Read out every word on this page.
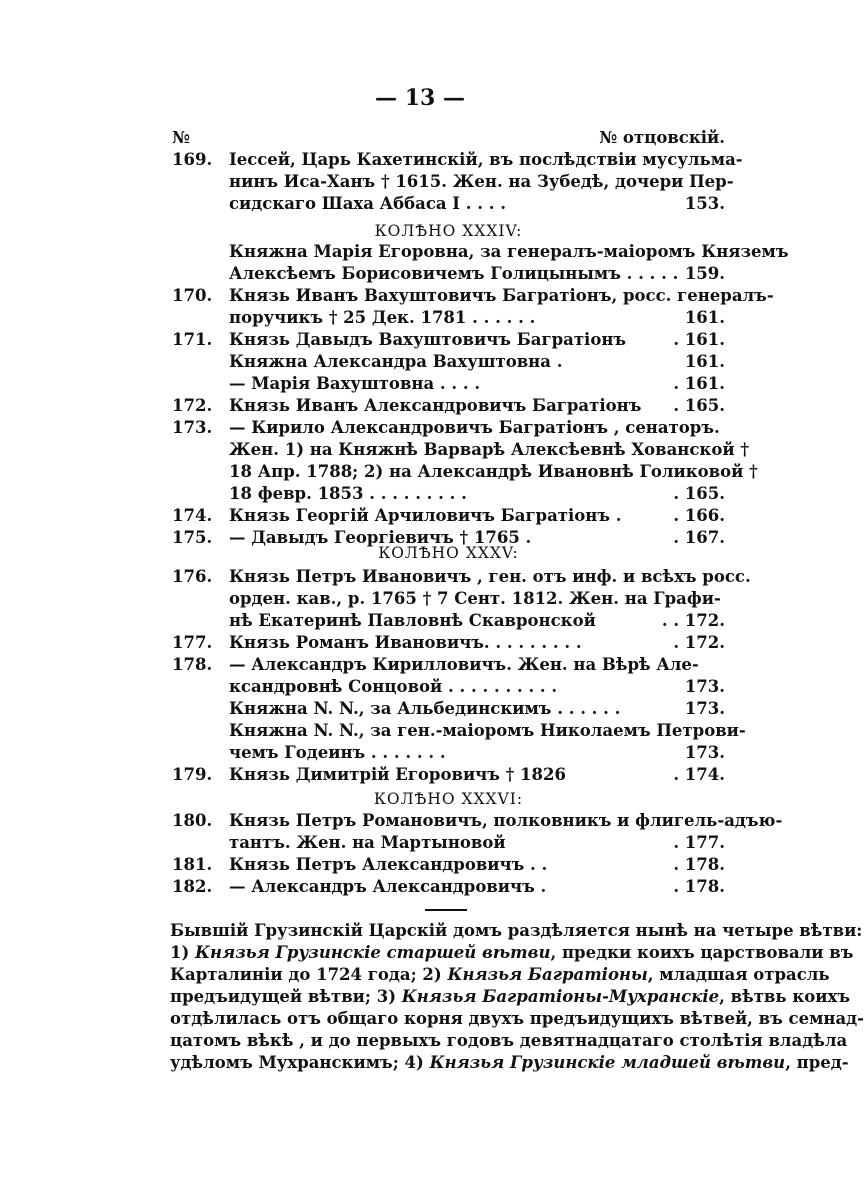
— 13 —
№	№ отцовскій.
169. Іессей, Царь Кахетинскій, въ послѣдствіи мусульма-
нинъ Иса-Ханъ † 1615. Жен. на Зубедѣ, дочери Пер-
сидскаго Шаха Аббаса I . . . .	153.
Княжна Марія Егоровна, за генералъ-маіоромъ Княземъ
Алексѣемъ Борисовичемъ Голицынымъ . . . . . 159.
170. Князь Иванъ Вахуштовичъ Багратіонъ, росс. генералъ-
поручикъ † 25 Дек. 1781 . . . . . .	161.
171. Князь Давыдъ Вахуштовичъ Багратіонъ	. 161.
Княжна Александра Вахуштовна .	161.
— Марія Вахуштовна . . . .	. 161.
172. Князь Иванъ Александровичъ Багратіонъ . 165.
173. — Кирило Александровичъ Багратіонъ , сенаторъ.
Жен. 1) на Княжнѣ Варварѣ Алексѣевнѣ Хованской †
18 Апр. 1788; 2) на Александрѣ Ивановнѣ Голиковой †
18 февр. 1853 . . . . . . . . .	. 165.
174. Князь Георгій Арчиловичъ Багратіонъ .	. 166.
175. — Давыдъ Георгіевичъ † 1765 .	. 167.
176. Князь Петръ Ивановичъ , ген. отъ инф. и всѣхъ росс.
орден. кав., р. 1765 † 7 Сент. 1812. Жен. на Графи-
нѣ Екатеринѣ Павловнѣ Скавронской	. . 172.
177. Князь Романъ Ивановичъ. . . . . . . . .	. 172.
178. — Александръ Кирилловичъ. Жен. на Вѣрѣ Але-
ксандровнѣ Сонцовой . . . . . . . . . .	173.
Княжна N. N., за Альбединскимъ . . . . . .	173.
Княжна N. N., за ген.-маіоромъ Николаемъ Петрови-
чемъ Годеинъ . . . . . . .	173.
179. Князь Димитрій Егоровичъ † 1826	. 174.
180. Князь Петръ Романовичъ, полковникъ и флигель-адъю-
тантъ. Жен. на Мартыновой	. 177.
181. Князь Петръ Александровичъ . .	. 178.
182. — Александръ Александровичъ .	. 178.
КОЛѢНО XXXIV:
КОЛѢНО XXXV:
КОЛѢНО XXXVI:
Бывшій Грузинскій Царскій домъ раздѣляется нынѣ на четыре вѣтви:
1) Князья Грузинскіе старшей вѣтви, предки коихъ царствовали въ
Карталиніи до 1724 года; 2) Князья Багратіоны, младшая отрасль
предъидущей вѣтви; 3) Князья Багратіоны-Мухранскіе, вѣтвь коихъ
отдѣлилась отъ общаго корня двухъ предъидущихъ вѣтвей, въ семнад-
цатомъ вѣкѣ , и до первыхъ годовъ девятнадцатаго столѣтія владѣла
удѣломъ Мухранскимъ; 4) Князья Грузинскіе младшей вѣтви, пред-
